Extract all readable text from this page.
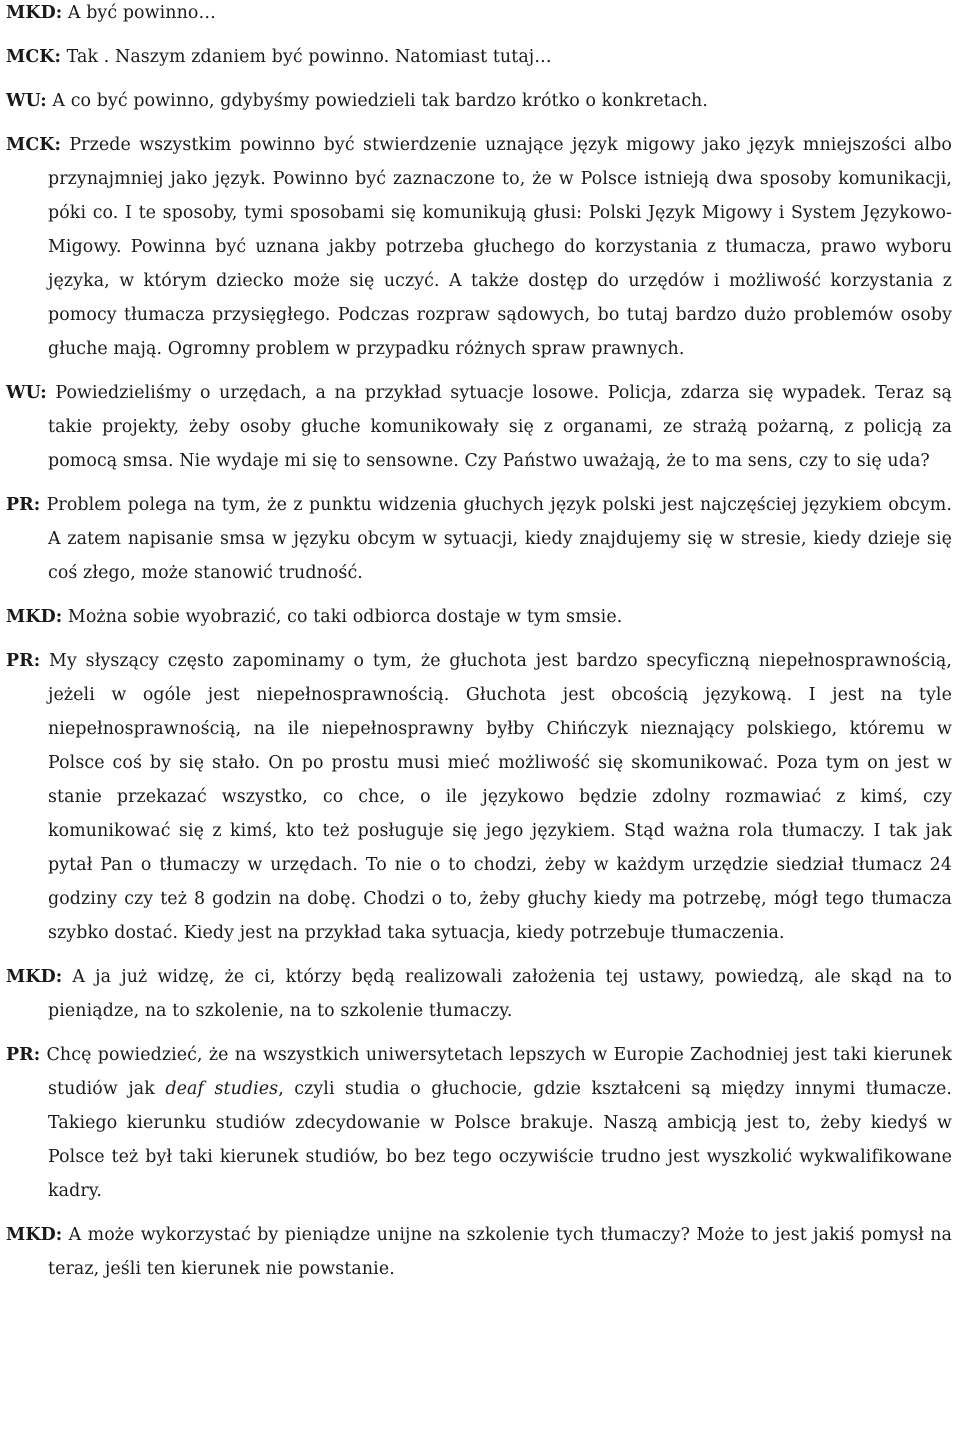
MKD: A być powinno…

MCK: Tak . Naszym zdaniem być powinno. Natomiast tutaj…

WU: A co być powinno, gdybyśmy powiedzieli tak bardzo krótko o konkretach.

MCK: Przede wszystkim powinno być stwierdzenie uznające język migowy jako język mniejszości albo przynajmniej jako język. Powinno być zaznaczone to, że w Polsce istnieją dwa sposoby komunikacji, póki co. I te sposoby, tymi sposobami się komunikują głusi: Polski Język Migowy i System Językowo-Migowy. Powinna być uznana jakby potrzeba głuchego do korzystania z tłumacza, prawo wyboru języka, w którym dziecko może się uczyć. A także dostęp do urzędów i możliwość korzystania z pomocy tłumacza przysięgłego. Podczas rozpraw sądowych, bo tutaj bardzo dużo problemów osoby głuche mają. Ogromny problem w przypadku różnych spraw prawnych.

WU: Powiedzieliśmy o urzędach, a na przykład sytuacje losowe. Policja, zdarza się wypadek. Teraz są takie projekty, żeby osoby głuche komunikowały się z organami, ze strażą pożarną, z policją za pomocą smsa. Nie wydaje mi się to sensowne. Czy Państwo uważają, że to ma sens, czy to się uda?

PR: Problem polega na tym, że z punktu widzenia głuchych język polski jest najczęściej językiem obcym. A zatem napisanie smsa w języku obcym w sytuacji, kiedy znajdujemy się w stresie, kiedy dzieje się coś złego, może stanowić trudność.

MKD: Można sobie wyobrazić, co taki odbiorca dostaje w tym smsie.

PR: My słyszący często zapominamy o tym, że głuchota jest bardzo specyficzną niepełnosprawnością, jeżeli w ogóle jest niepełnosprawnością. Głuchota jest obcością językową. I jest na tyle niepełnosprawnością, na ile niepełnosprawny byłby Chińczyk nieznający polskiego, któremu w Polsce coś by się stało. On po prostu musi mieć możliwość się skomunikować. Poza tym on jest w stanie przekazać wszystko, co chce, o ile językowo będzie zdolny rozmawiać z kimś, czy komunikować się z kimś, kto też posługuje się jego językiem. Stąd ważna rola tłumaczy. I tak jak pytał Pan o tłumaczy w urzędach. To nie o to chodzi, żeby w każdym urzędzie siedział tłumacz 24 godziny czy też 8 godzin na dobę. Chodzi o to, żeby głuchy kiedy ma potrzebę, mógł tego tłumacza szybko dostać. Kiedy jest na przykład taka sytuacja, kiedy potrzebuje tłumaczenia.

MKD: A ja już widzę, że ci, którzy będą realizowali założenia tej ustawy, powiedzą, ale skąd na to pieniądze, na to szkolenie, na to szkolenie tłumaczy.

PR: Chcę powiedzieć, że na wszystkich uniwersytetach lepszych w Europie Zachodniej jest taki kierunek studiów jak deaf studies, czyli studia o głuchocie, gdzie kształceni są między innymi tłumacze. Takiego kierunku studiów zdecydowanie w Polsce brakuje. Naszą ambicją jest to, żeby kiedyś w Polsce też był taki kierunek studiów, bo bez tego oczywiście trudno jest wyszkolić wykwalifikowane kadry.

MKD: A może wykorzystać by pieniądze unijne na szkolenie tych tłumaczy? Może to jest jakiś pomysł na teraz, jeśli ten kierunek nie powstanie.
